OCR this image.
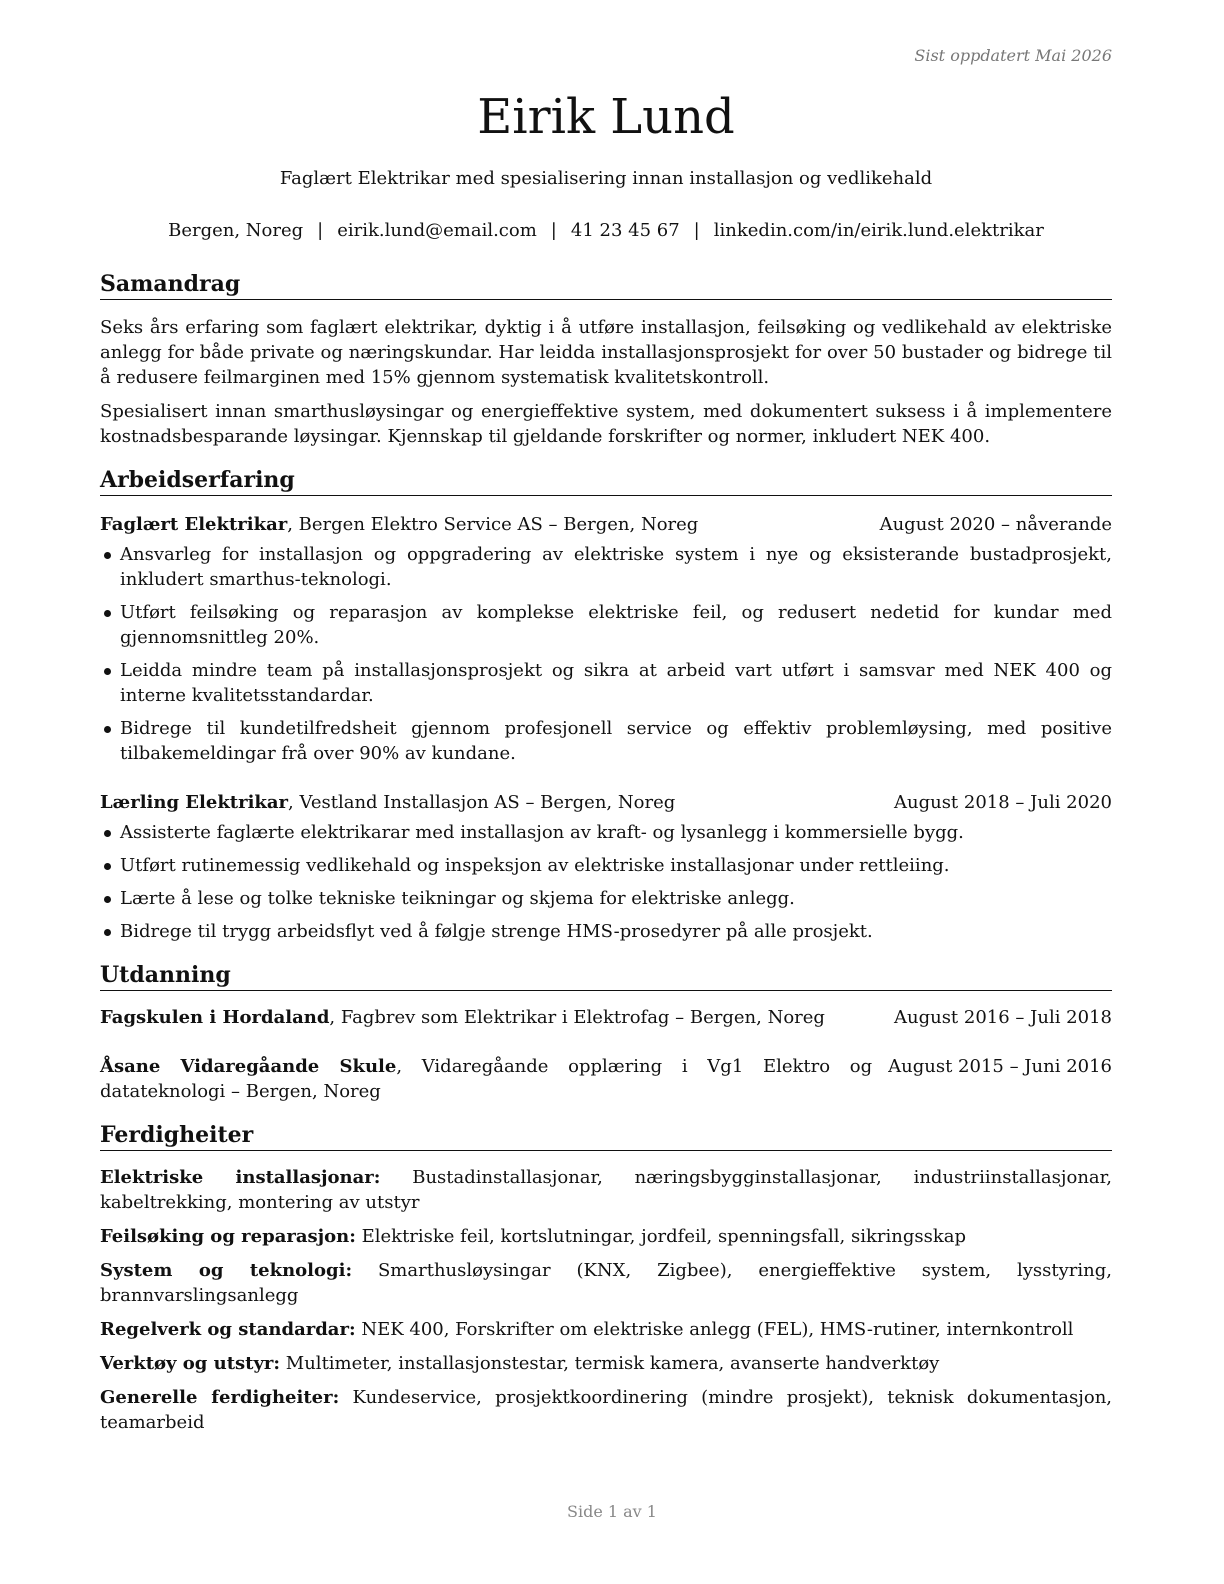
Sist oppdatert Mai 2026
Eirik Lund
Faglært Elektrikar med spesialisering innan installasjon og vedlikehald
Bergen, Noreg | eirik.lund@email.com | 41 23 45 67 | linkedin.com/in/eirik.lund.elektrikar
Samandrag

Seks års erfaring som faglært elektrikar, dyktig i å utføre installasjon, feilsøking og vedlikehald av elektriske anlegg for både private og næringskundar. Har leidda installasjonsprosjekt for over 50 bustader og bidrege til å redusere feilmarginen med 15% gjennom systematisk kvalitetskontroll.

Spesialisert innan smarthusløysingar og energieffektive system, med dokumentert suksess i å implementere kostnadsbesparande løysingar. Kjennskap til gjeldande forskrifter og normer, inkludert NEK 400.

Arbeidserfaring
Faglært Elektrikar, Bergen Elektro Service AS – Bergen, Noreg	August 2020 – nåverande
Ansvarleg for installasjon og oppgradering av elektriske system i nye og eksisterande bustadprosjekt, inkludert smarthus-teknologi.
Utført feilsøking og reparasjon av komplekse elektriske feil, og redusert nedetid for kundar med gjennomsnittleg 20%.
Leidda mindre team på installasjonsprosjekt og sikra at arbeid vart utført i samsvar med NEK 400 og interne kvalitetsstandardar.
Bidrege til kundetilfredsheit gjennom profesjonell service og effektiv problemløysing, med positive tilbakemeldingar frå over 90% av kundane.
Lærling Elektrikar, Vestland Installasjon AS – Bergen, Noreg	August 2018 – Juli 2020
Assisterte faglærte elektrikarar med installasjon av kraft- og lysanlegg i kommersielle bygg.
Utført rutinemessig vedlikehald og inspeksjon av elektriske installasjonar under rettleiing.
Lærte å lese og tolke tekniske teikningar og skjema for elektriske anlegg.
Bidrege til trygg arbeidsflyt ved å følgje strenge HMS-prosedyrer på alle prosjekt.
Utdanning
Fagskulen i Hordaland, Fagbrev som Elektrikar i Elektrofag – Bergen, Noreg	August 2016 – Juli 2018
Åsane Vidaregåande Skule, Vidaregåande opplæring i Vg1 Elektro og datateknologi – Bergen, Noreg
August 2015 – Juni 2016
Ferdigheiter

Elektriske installasjonar: Bustadinstallasjonar, næringsbygginstallasjonar, industriinstallasjonar, kabeltrekking, montering av utstyr

Feilsøking og reparasjon: Elektriske feil, kortslutningar, jordfeil, spenningsfall, sikringsskap

System og teknologi: Smarthusløysingar (KNX, Zigbee), energieffektive system, lysstyring, brannvarslingsanlegg

Regelverk og standardar: NEK 400, Forskrifter om elektriske anlegg (FEL), HMS-rutiner, internkontroll

Verktøy og utstyr: Multimeter, installasjonstestar, termisk kamera, avanserte handverktøy

Generelle ferdigheiter: Kundeservice, prosjektkoordinering (mindre prosjekt), teknisk dokumentasjon, teamarbeid

Side 1 av 1
